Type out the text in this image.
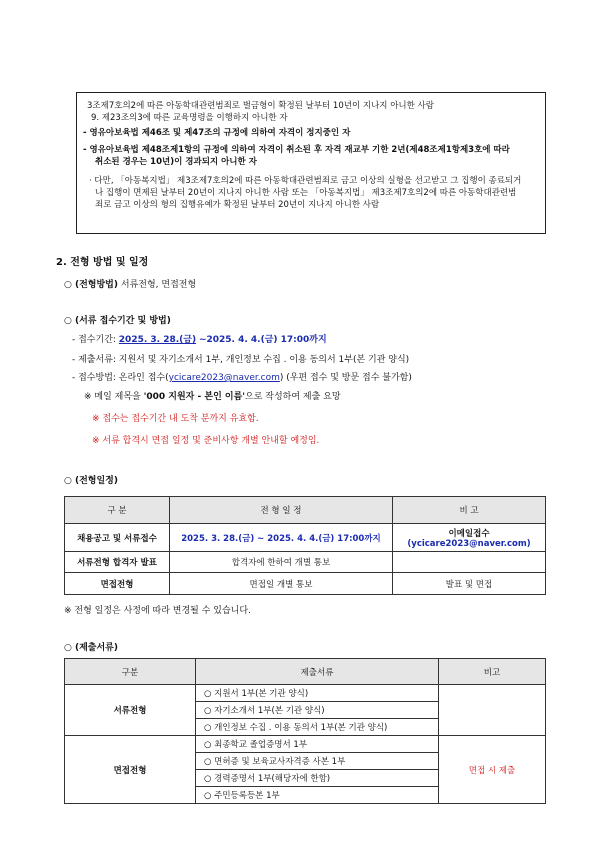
3조제7호의2에 따른 아동학대관련범죄로 벌금형이 확정된 날부터 10년이 지나지 아니한 사람
9. 제23조의3에 따른 교육명령을 이행하지 아니한 자
- 영유아보육법 제46조 및 제47조의 규정에 의하여 자격이 정지중인 자
- 영유아보육법 제48조제1항의 규정에 의하여 자격이 취소된 후 자격 재교부 기한 2년(제48조제1항제3호에 따라
취소된 경우는 10년)이 경과되지 아니한 자
· 다만, 「아동복지법」 제3조제7호의2에 따른 아동학대관련범죄로 금고 이상의 실형을 선고받고 그 집행이 종료되거
나 집행이 면제된 날부터 20년이 지나지 아니한 사람 또는 「아동복지법」 제3조제7호의2에 따른 아동학대관련범
죄로 금고 이상의 형의 집행유예가 확정된 날부터 20년이 지나지 아니한 사람
2. 전형 방법 및 일정
○ (전형방법) 서류전형, 면접전형
○ (서류 접수기간 및 방법)
- 접수기간: 2025. 3. 28.(금) ~2025. 4. 4.(금) 17:00까지
- 제출서류: 지원서 및 자기소개서 1부, 개인정보 수집 . 이용 동의서 1부(본 기관 양식)
- 접수방법: 온라인 접수(ycicare2023@naver.com) (우편 접수 및 방문 접수 불가함)
※ 메일 제목을 '000 지원자 - 본인 이름'으로 작성하여 제출 요망
※ 접수는 접수기간 내 도착 분까지 유효함.
※ 서류 합격시 면접 일정 및 준비사항 개별 안내할 예정임.
○ (전형일정)
구 분	전 형 일 정	비 고
채용공고 및 서류접수	2025. 3. 28.(금) ~ 2025. 4. 4.(금) 17:00까지	이메일접수
(ycicare2023@naver.com)

서류전형 합격자 발표	합격자에 한하여 개별 통보	
면접전형	면접일 개별 통보	발표 및 면접
※ 전형 일정은 사정에 따라 변경될 수 있습니다.
○ (제출서류)
구분	제출서류	비고
서류전형	○ 지원서 1부(본 기관 양식)	
	○ 자기소개서 1부(본 기관 양식)	
	○ 개인정보 수집 . 이용 동의서 1부(본 기관 양식)	
면접전형	○ 최종학교 졸업증명서 1부	면접 시 제출
	○ 면허증 및 보육교사자격증 사본 1부	
	○ 경력증명서 1부(해당자에 한함)	
	○ 주민등록등본 1부	
